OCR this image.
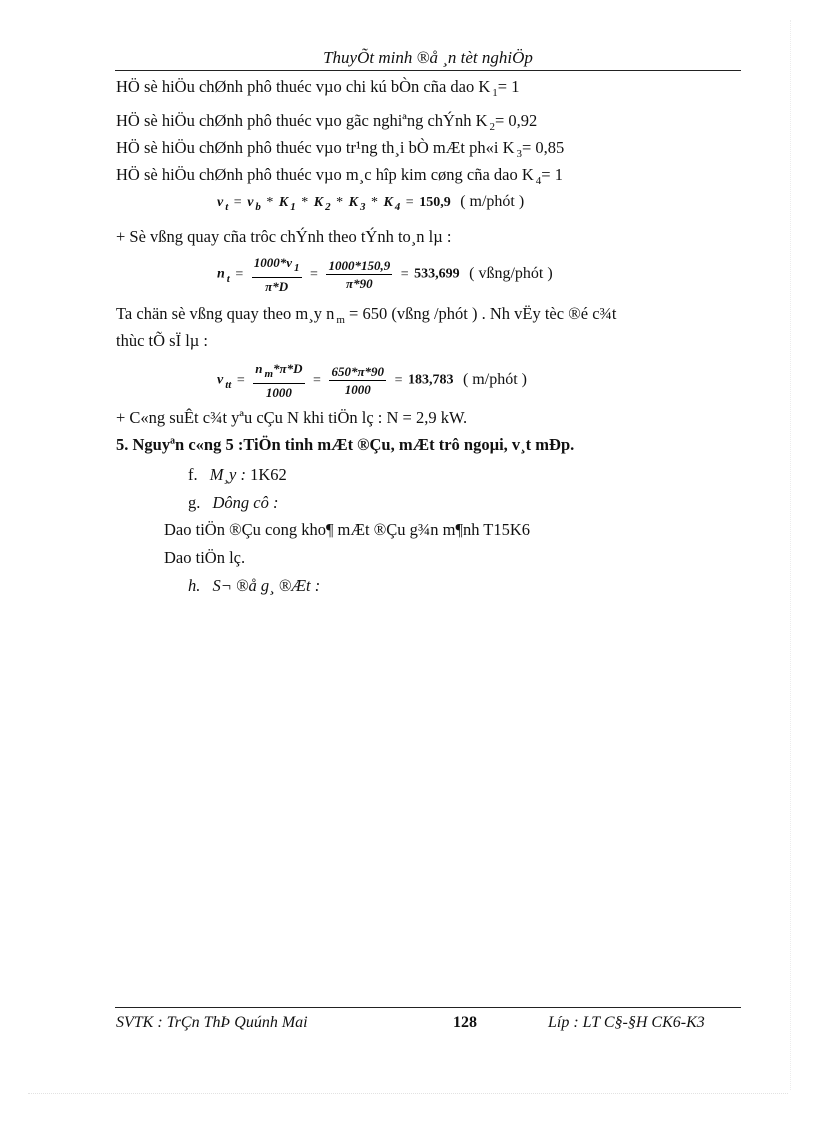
ThuyÕt minh ®å ¸n tèt nghiÖp
HÖ sè hiÖu chØnh phô thuéc vµo chi kú bÒn cña dao K $_1$= 1
HÖ sè hiÖu chØnh phô thuéc vµo gãc nghiªng chÝnh K $_2$= 0,92
HÖ sè hiÖu chØnh phô thuéc vµo tr¹ng th¸i bÒ mÆt ph«i K $_3$= 0,85
HÖ sè hiÖu chØnh phô thuéc vµo m¸c hîp kim cøng cña dao K $_4$= 1
v $_t$ = v $_b$ * K $_1$ * K $_2$ * K $_3$ * K $_4$ = 150,9 ( m/phót )
+ Sè vßng quay cña trôc chÝnh theo tÝnh to¸n lµ :
n $_t = \frac{1000*v _1}{\pi*D} = \frac{1000*150,9}{\pi*90} = 533,699$ ( vßng/phót )
Ta chän sè vßng quay theo m¸y n $_m$ = 650 (vßng /phót ) . Nh vËy tèc ®é c¾t
thùc tÕ sÏ lµ :
v $_{tt} = \frac{n _m*\pi*D}{1000} = \frac{650*\pi*90}{1000} = 183,783$ ( m/phót )
+ C«ng suÊt c¾t yªu cÇu N khi tiÖn lç : N = 2,9 kW.
5. Nguyªn c«ng 5 :TiÖn tinh mÆt ®Çu, mÆt trô ngoµi, v¸t mÐp.
f. M¸y : 1K62
g. Dông cô :
Dao tiÖn ®Çu cong kho¶ mÆt ®Çu g¾n m¶nh T15K6
Dao tiÖn lç.
h. S¬ ®å g¸ ®Æt :
SVTK : TrÇn ThÞ Quúnh Mai	128	Líp : LT C§-§H CK6-K3
